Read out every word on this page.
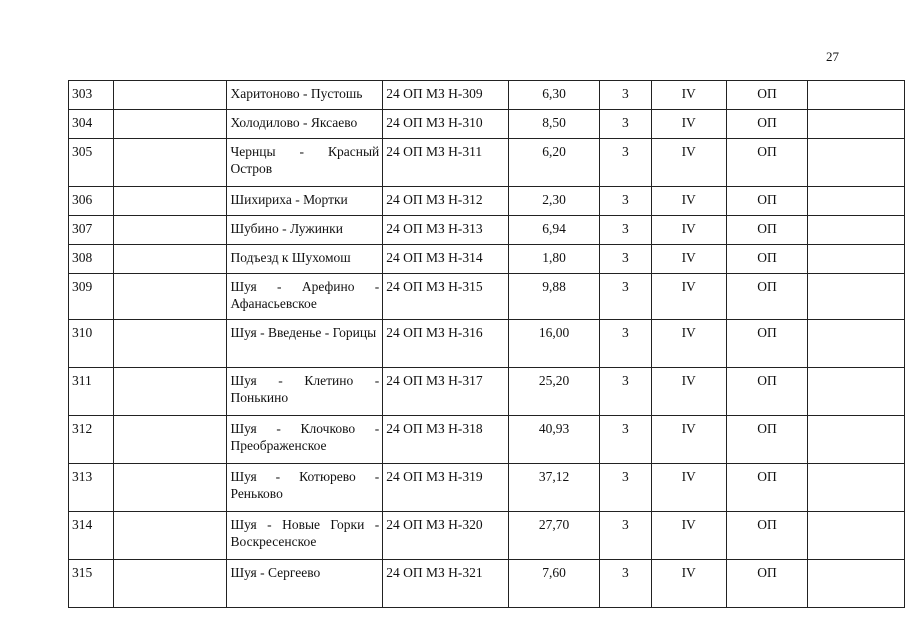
27
303		Харитоново - Пустошь	24 ОП МЗ Н-309	6,30	3	IV	ОП	
304		Холодилово - Яксаево	24 ОП МЗ Н-310	8,50	3	IV	ОП	
305		Чернцы - Красный Остров	24 ОП МЗ Н-311	6,20	3	IV	ОП	
306		Шихириха - Мортки	24 ОП МЗ Н-312	2,30	3	IV	ОП	
307		Шубино - Лужинки	24 ОП МЗ Н-313	6,94	3	IV	ОП	
308		Подъезд к Шухомош	24 ОП МЗ Н-314	1,80	3	IV	ОП	
309		Шуя - Арефино - Афанасьевское	24 ОП МЗ Н-315	9,88	3	IV	ОП	
310		Шуя - Введенье - Горицы	24 ОП МЗ Н-316	16,00	3	IV	ОП	
311		Шуя - Клетино - Понькино	24 ОП МЗ Н-317	25,20	3	IV	ОП	
312		Шуя - Клочково - Преображенское	24 ОП МЗ Н-318	40,93	3	IV	ОП	
313		Шуя - Котюрево - Реньково	24 ОП МЗ Н-319	37,12	3	IV	ОП	
314		Шуя - Новые Горки - Воскресенское	24 ОП МЗ Н-320	27,70	3	IV	ОП	
315		Шуя - Сергеево	24 ОП МЗ Н-321	7,60	3	IV	ОП	
